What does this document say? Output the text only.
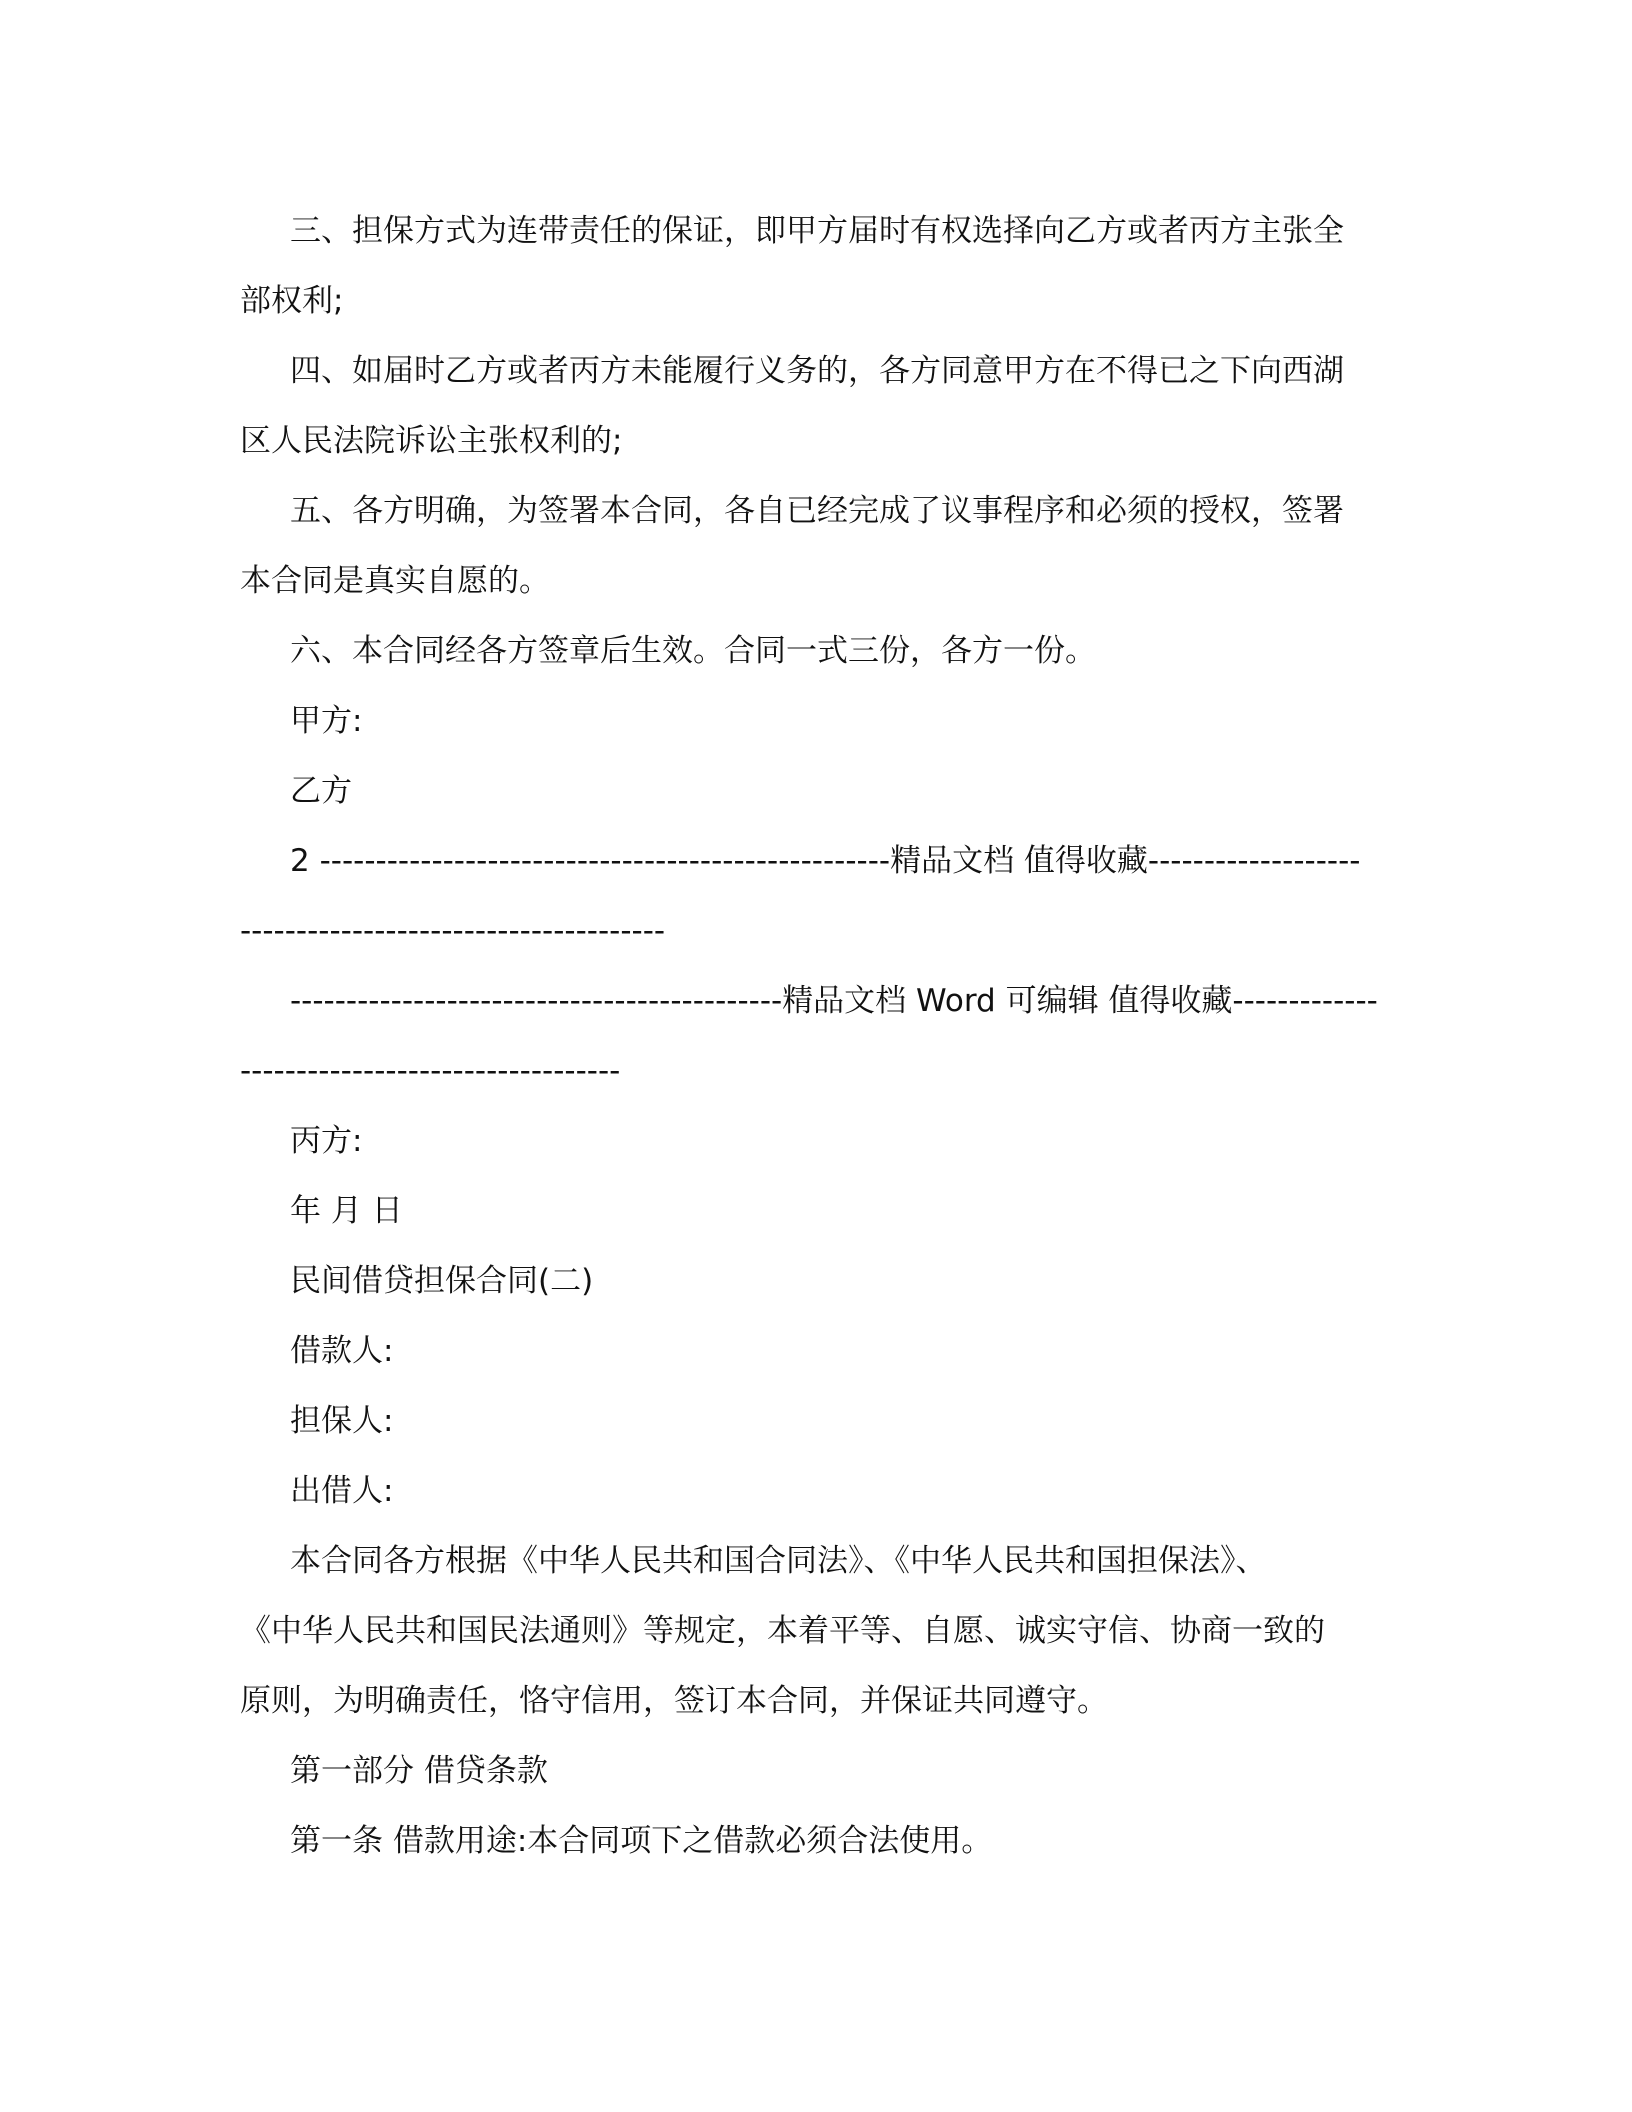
三、担保方式为连带责任的保证，即甲方届时有权选择向乙方或者丙方主张全
部权利;
四、如届时乙方或者丙方未能履行义务的，各方同意甲方在不得已之下向西湖
区人民法院诉讼主张权利的;
五、各方明确，为签署本合同，各自已经完成了议事程序和必须的授权，签署
本合同是真实自愿的。
六、本合同经各方签章后生效。合同一式三份，各方一份。
甲方:
乙方
2 ---------------------------------------------------精品文档 值得收藏-------------------
--------------------------------------
--------------------------------------------精品文档 Word 可编辑 值得收藏-------------
----------------------------------
丙方:
年 月 日
民间借贷担保合同(二)
借款人:
担保人:
出借人:
本合同各方根据《中华人民共和国合同法》、《中华人民共和国担保法》、
《中华人民共和国民法通则》等规定，本着平等、自愿、诚实守信、协商一致的
原则，为明确责任，恪守信用，签订本合同，并保证共同遵守。
第一部分 借贷条款
第一条 借款用途:本合同项下之借款必须合法使用。
